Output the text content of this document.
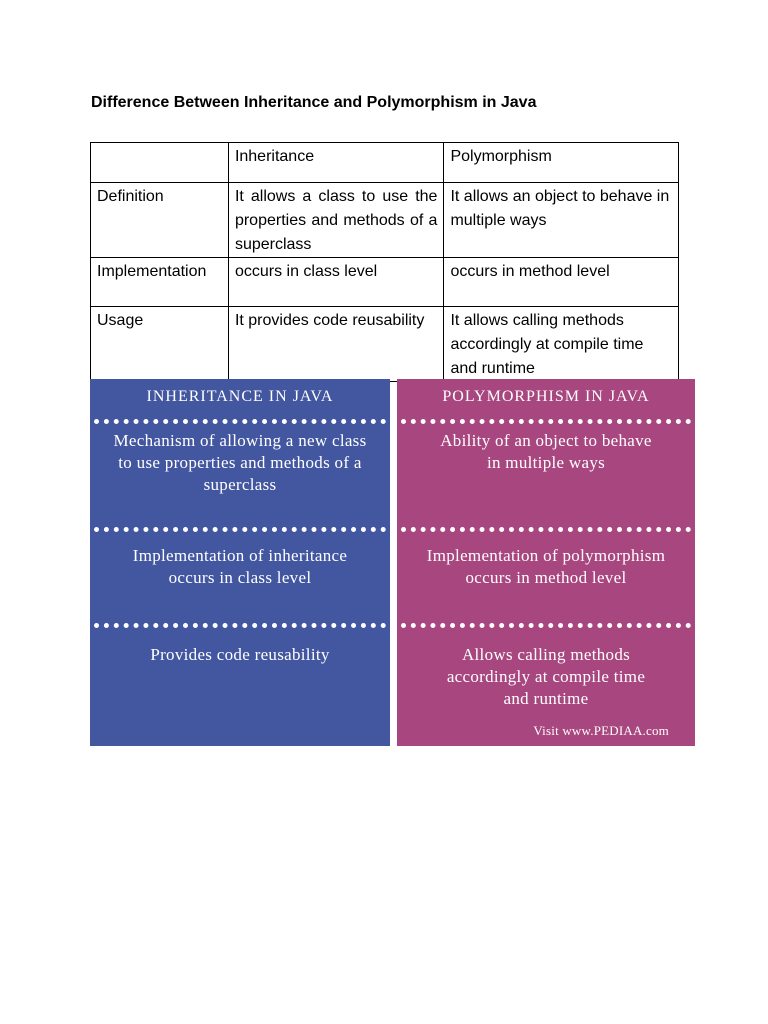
Difference Between Inheritance and Polymorphism in Java
	Inheritance	Polymorphism
Definition	It allows a class to use the properties and methods of a superclass	It allows an object to behave in multiple ways
Implementation	occurs in class level	occurs in method level
Usage	It provides code reusability	It allows calling methods accordingly at compile time and runtime
INHERITANCE IN JAVA
Mechanism of allowing a new class to use properties and methods of a superclass
Implementation of inheritance occurs in class level
Provides code reusability
POLYMORPHISM IN JAVA
Ability of an object to behave in multiple ways
Implementation of polymorphism occurs in method level
Allows calling methods accordingly at compile time and runtime
Visit www.PEDIAA.com
